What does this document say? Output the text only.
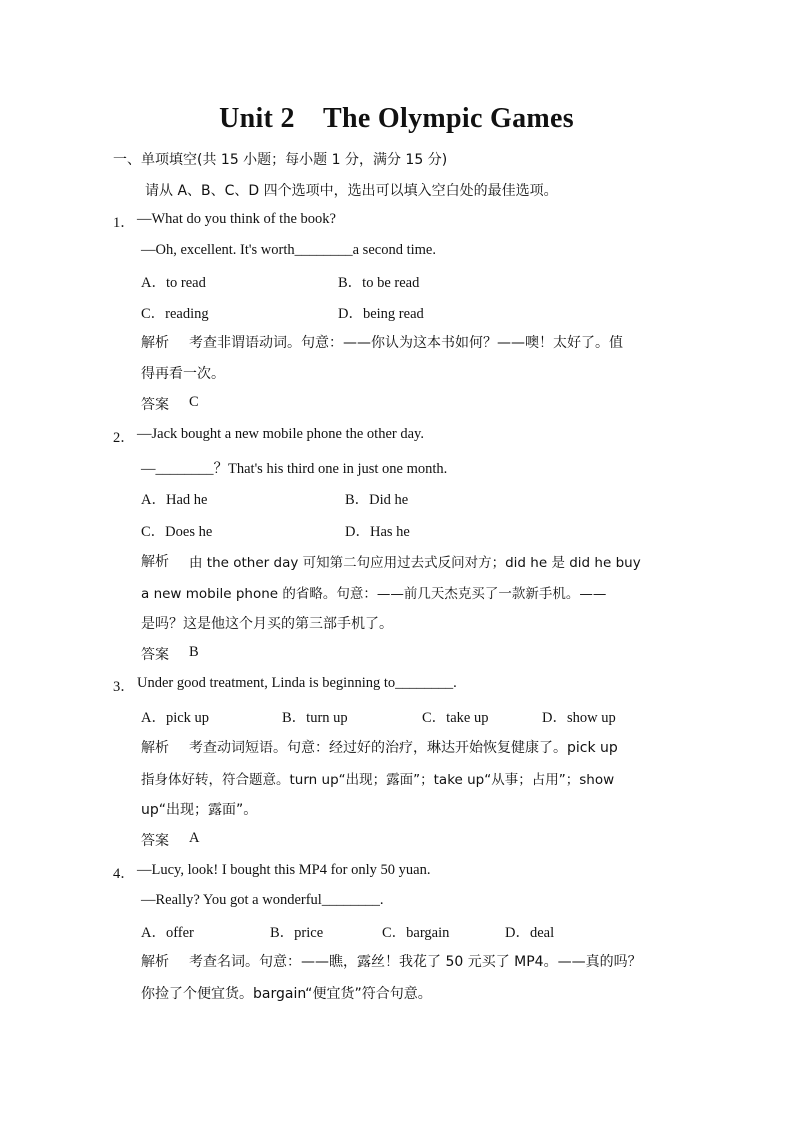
Unit 2　The Olympic Games
一、单项填空(共 15 小题；每小题 1 分，满分 15 分)
请从 A、B、C、D 四个选项中，选出可以填入空白处的最佳选项。
1． —What do you think of the book?
—Oh, excellent. It's worth________a second time.
A．to read	B．to be read
C．reading	D．being read
解析 考查非谓语动词。句意：——你认为这本书如何？——噢！太好了。值
得再看一次。
答案 C
2． —Jack bought a new mobile phone the other day.
—________？That's his third one in just one month.
A．Had he	B．Did he
C．Does he	D．Has he
解析 由 the other day 可知第二句应用过去式反问对方；did he 是 did he buy
a new mobile phone 的省略。句意：——前几天杰克买了一款新手机。——
是吗？这是他这个月买的第三部手机了。
答案 B
3． Under good treatment, Linda is beginning to________.
A．pick up	B．turn up	C．take up	D．show up
解析 考查动词短语。句意：经过好的治疗，琳达开始恢复健康了。pick up
指身体好转，符合题意。turn up“出现；露面”；take up“从事；占用”；show
up“出现；露面”。
答案 A
4． —Lucy, look! I bought this MP4 for only 50 yuan.
—Really? You got a wonderful________.
A．offer	B．price	C．bargain	D．deal
解析 考查名词。句意：——瞧，露丝！我花了 50 元买了 MP4。——真的吗？
你捡了个便宜货。bargain“便宜货”符合句意。
